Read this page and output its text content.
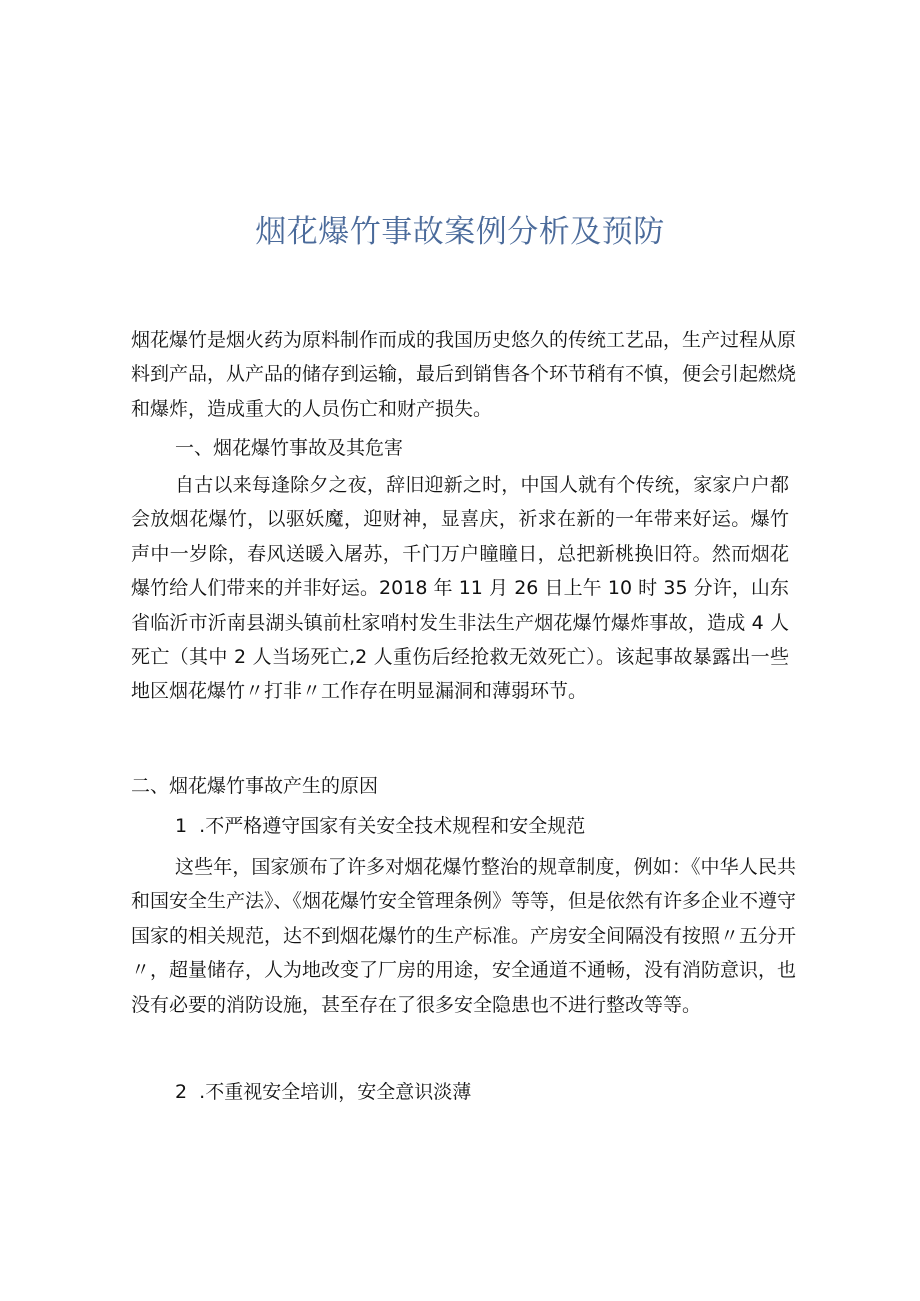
烟花爆竹事故案例分析及预防

烟花爆竹是烟火药为原料制作而成的我国历史悠久的传统工艺品，生产过程从原料到产品，从产品的储存到运输，最后到销售各个环节稍有不慎，便会引起燃烧和爆炸，造成重大的人员伤亡和财产损失。

一、烟花爆竹事故及其危害

自古以来每逢除夕之夜，辞旧迎新之时，中国人就有个传统，家家户户都会放烟花爆竹，以驱妖魔，迎财神，显喜庆，祈求在新的一年带来好运。爆竹声中一岁除，春风送暖入屠苏，千门万户瞳瞳日，总把新桃换旧符。然而烟花爆竹给人们带来的并非好运。2018 年 11 月 26 日上午 10 时 35 分许，山东省临沂市沂南县湖头镇前杜家哨村发生非法生产烟花爆竹爆炸事故，造成 4 人死亡（其中 2 人当场死亡,2 人重伤后经抢救无效死亡）。该起事故暴露出一些地区烟花爆竹〃打非〃工作存在明显漏洞和薄弱环节。

二、烟花爆竹事故产生的原因

1  .不严格遵守国家有关安全技术规程和安全规范

这些年，国家颁布了许多对烟花爆竹整治的规章制度，例如：《中华人民共和国安全生产法》、《烟花爆竹安全管理条例》等等，但是依然有许多企业不遵守国家的相关规范，达不到烟花爆竹的生产标准。产房安全间隔没有按照〃五分开〃，超量储存，人为地改变了厂房的用途，安全通道不通畅，没有消防意识，也没有必要的消防设施，甚至存在了很多安全隐患也不进行整改等等。

2  .不重视安全培训，安全意识淡薄
